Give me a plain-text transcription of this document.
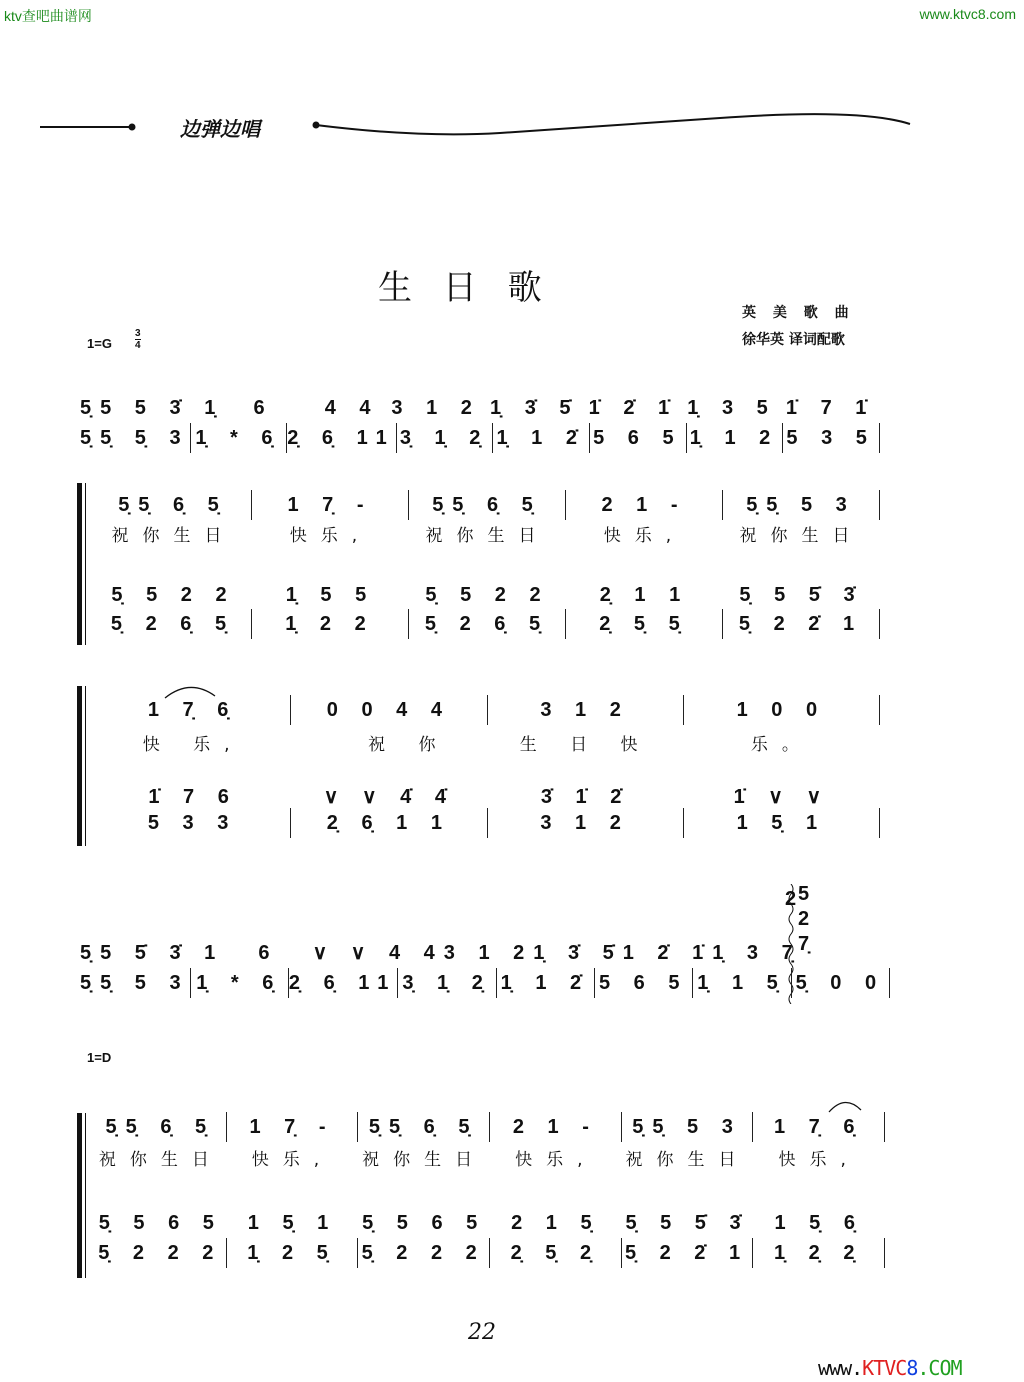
ktv查吧曲谱网	www.ktvc8.com
边弹边唱
生 日 歌
英 美 歌 曲
徐华英 译词配歌
1=G
3
4
5̣5 5 3̇ 1̣  6	4 4 3 1 2 1̣ 3̇ 5̇ 1̇ 2̇ 1̇ 1̣ 3 5 1̇ 7 1̇
5̣5̣ 5̣ 3 1̣ * 6̣ 2̣ 6̣ 11 3̣ 1̣ 2̣ 1̣ 1 2̇ 5 6 5 1̣ 1 2 5 3 5
5̣5̣ 6̣ 5̣	1 7̣ -	5̣5̣ 6̣ 5̣	2 1 -	5̣5̣ 5 3
祝你生日	快乐,	祝你生日	快乐,	祝你生日
5̣ 5 2 2	1̣ 5 5	5̣ 5 2 2	2̣ 1 1	5̣ 5 5̇ 3̇
5̣ 2 6̣ 5̣	1̣ 2 2	5̣ 2 6̣ 5̣	2̣ 5̣ 5̣	5̣ 2 2̇ 1
1 7̣ 6̣	0 0 4 4	3 1 2	1 0 0
快 乐,	祝 你	生 日 快	乐。
1̇ 7 6	∨ ∨ 4̇ 4̇	3̇ 1̇ 2̇	1̇ ∨ ∨
5 3 3	2̣ 6̣ 1 1	3 1 2	1 5̣ 1
2 5
2
7̣
5̣5 5̇ 3̇ 1	6	∨ ∨ 4 4 3 1 2 1̣ 3̇ 5̇ 1 2̇ 1̇ 1̣ 3 7̣
5̣5̣ 5 3 1̣ * 6̣ 2̣ 6̣ 11 3̣ 1̣ 2̣ 1̣ 1 2̇ 5 6 5 1̣ 1 5̣ 5̣ 0 0
1=D
5̣5̣ 6̣ 5̣	1 7̣ -	5̣5̣ 6̣ 5̣	2 1 -	5̣5̣ 5 3	1 7̣ 6̣
祝你生日	快乐,	祝你生日	快乐,	祝你生日	快乐,
5̣ 5 6 5	1 5̣ 1	5̣ 5 6 5	2 1 5̣	5̣ 5 5̇ 3̇	1 5̣ 6̣
5̣ 2 2 2	1̣ 2 5̣	5̣ 2 2 2	2̣ 5̣ 2̣	5̣ 2 2̇ 1	1̣ 2̣ 2̣
22
www.KTVC8.COM
